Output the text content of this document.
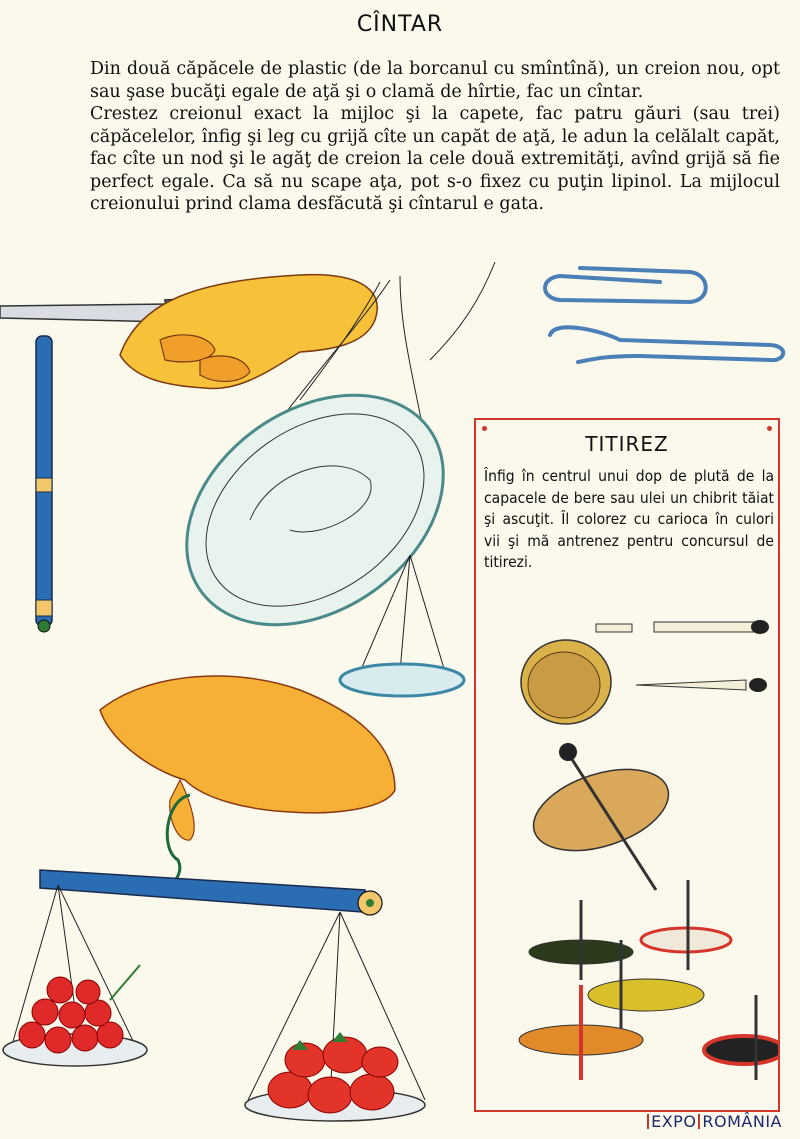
CÎNTAR

Din două căpăcele de plastic (de la borcanul cu smîntînă), un creion nou, opt sau şase bucăţi egale de aţă şi o clamă de hîrtie, fac un cîntar.

Crestez creionul exact la mijloc şi la capete, fac patru găuri (sau trei) căpăcelelor, înfig şi leg cu grijă cîte un capăt de aţă, le adun la celălalt capăt, fac cîte un nod şi le agăţ de creion la cele două extremităţi, avînd grijă să fie perfect egale. Ca să nu scape aţa, pot s-o fixez cu puţin lipinol. La mijlocul creionului prind clama desfăcută şi cîntarul e gata.

TITIREZ
Înfig în centrul unui dop de plută de la capacele de bere sau ulei un chibrit tăiat şi ascuţit. Îl colorez cu carioca în culori vii şi mă antrenez pentru concursul de titirezi.
EXPO ROMÂNIA
